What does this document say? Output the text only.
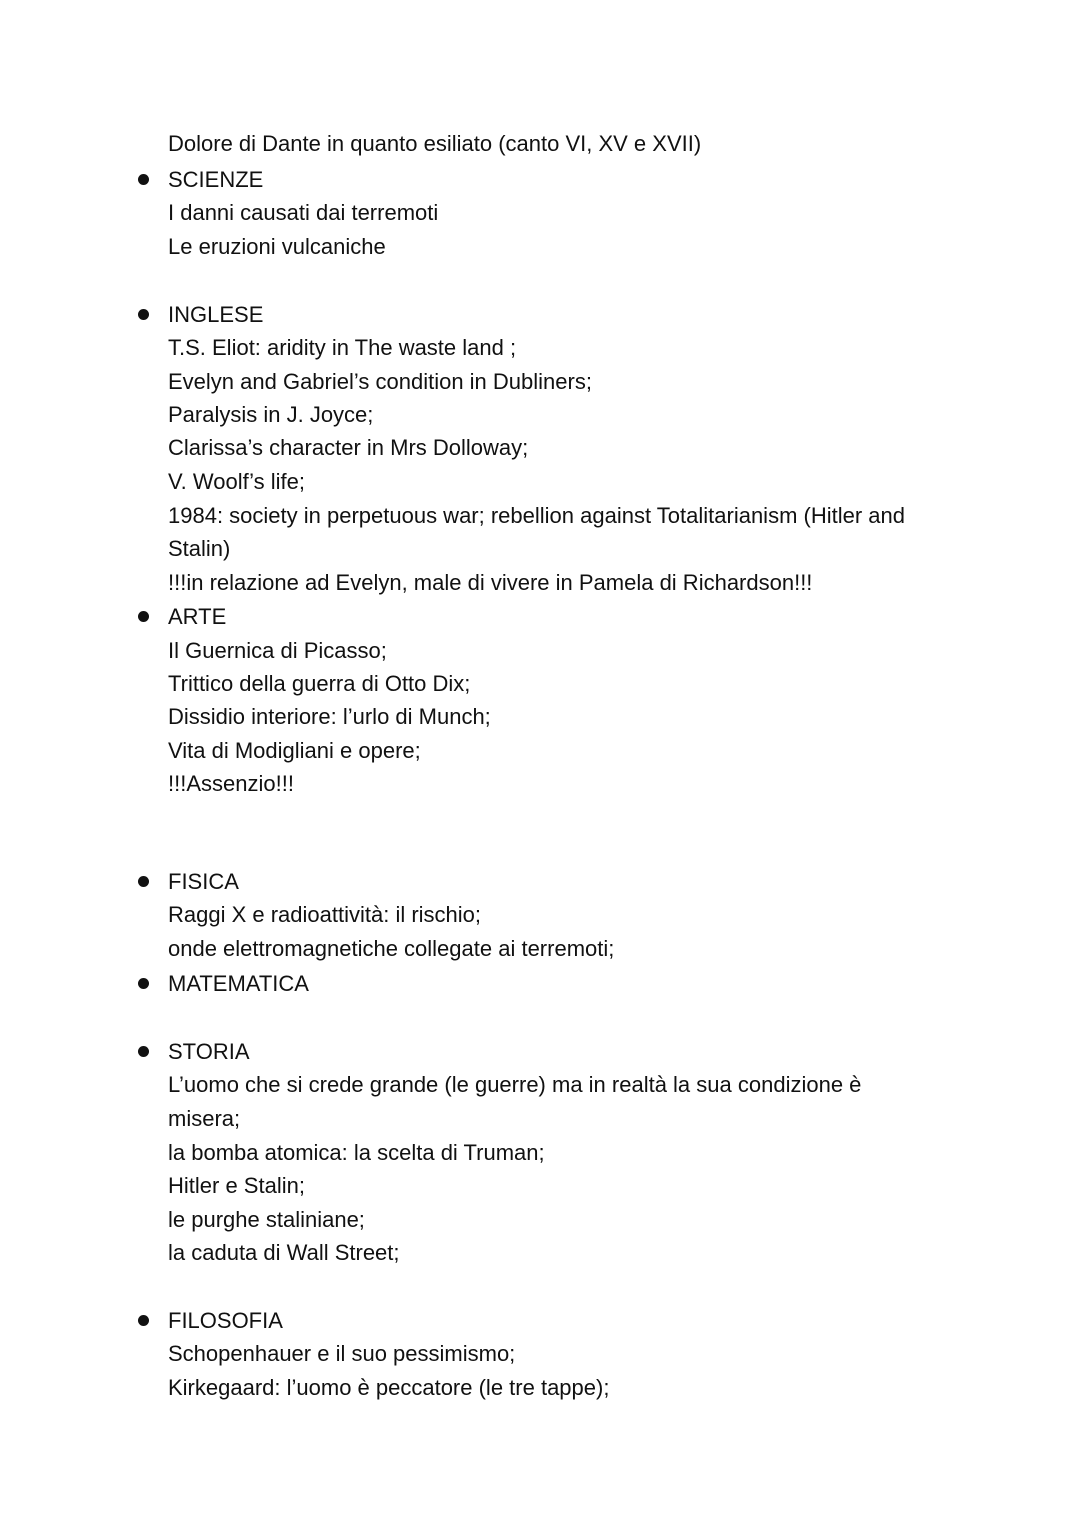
Dolore di Dante in quanto esiliato (canto VI, XV e XVII)
SCIENZE
I danni causati dai terremoti
Le eruzioni vulcaniche
INGLESE
T.S. Eliot: aridity in The waste land ;
Evelyn and Gabriel’s condition in Dubliners;
Paralysis in J. Joyce;
Clarissa’s character in Mrs Dolloway;
V. Woolf’s life;
1984: society in perpetuous war; rebellion against Totalitarianism (Hitler and
Stalin)
!!!in relazione ad Evelyn, male di vivere in Pamela di Richardson!!!
ARTE
Il Guernica di Picasso;
Trittico della guerra di Otto Dix;
Dissidio interiore: l’urlo di Munch;
Vita di Modigliani e opere;
!!!Assenzio!!!
FISICA
Raggi X e radioattività: il rischio;
onde elettromagnetiche collegate ai terremoti;
MATEMATICA
STORIA
L’uomo che si crede grande (le guerre) ma in realtà la sua condizione è
misera;
la bomba atomica: la scelta di Truman;
Hitler e Stalin;
le purghe staliniane;
la caduta di Wall Street;
FILOSOFIA
Schopenhauer e il suo pessimismo;
Kirkegaard: l’uomo è peccatore (le tre tappe);
